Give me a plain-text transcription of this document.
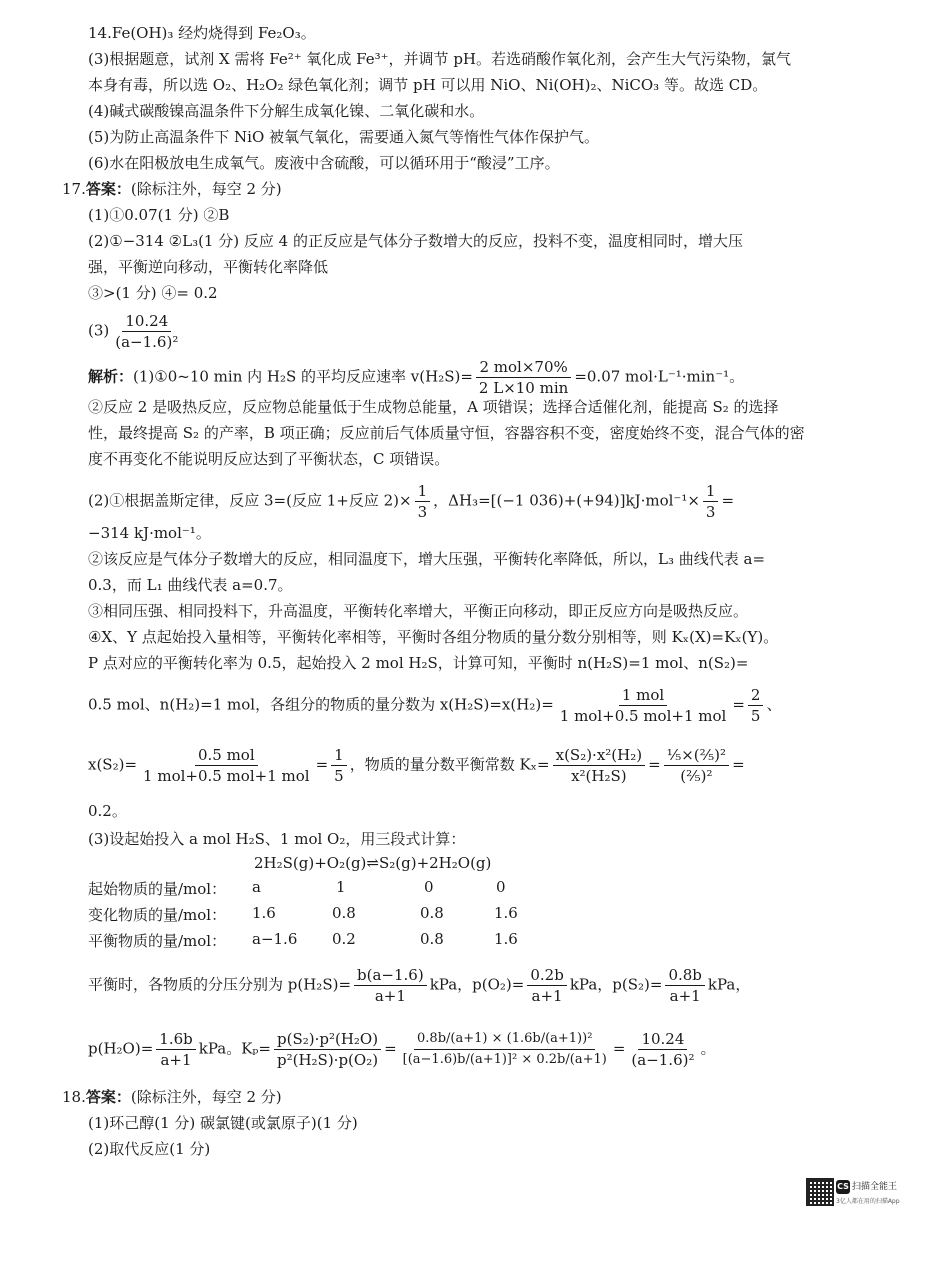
14.Fe(OH)₃ 经灼烧得到 Fe₂O₃。
(3)根据题意，试剂 X 需将 Fe²⁺ 氧化成 Fe³⁺，并调节 pH。若选硝酸作氧化剂，会产生大气污染物，氯气
本身有毒，所以选 O₂、H₂O₂ 绿色氧化剂；调节 pH 可以用 NiO、Ni(OH)₂、NiCO₃ 等。故选 CD。
(4)碱式碳酸镍高温条件下分解生成氧化镍、二氧化碳和水。
(5)为防止高温条件下 NiO 被氧气氧化，需要通入氮气等惰性气体作保护气。
(6)水在阳极放电生成氧气。废液中含硫酸，可以循环用于“酸浸”工序。
17.答案：(除标注外，每空 2 分)
(1)①0.07(1 分) ②B
(2)①−314 ②L₃(1 分) 反应 4 的正反应是气体分子数增大的反应，投料不变，温度相同时，增大压
强，平衡逆向移动，平衡转化率降低
③>(1 分) ④= 0.2
$(3) \frac{10.24}{\text{(a−1.6)²}}$
解析：(1)①0~10 min 内 H₂S 的平均反应速率 $v(H_2S)= \frac{\text{2 mol×70\%}}{2 L\times 10 \min} =0.07$ mol·L⁻¹·min⁻¹。
②反应 2 是吸热反应，反应物总能量低于生成物总能量，A 项错误；选择合适催化剂，能提高 S₂ 的选择
性，最终提高 S₂ 的产率，B 项正确；反应前后气体质量守恒，容器容积不变，密度始终不变，混合气体的密
度不再变化不能说明反应达到了平衡状态，C 项错误。
(2)①根据盖斯定律，反应 3=(反应 1+反应 $2)\times \frac{1}{3}$ ，ΔH₃=[(−1 $036)+(+94)]kJ\cdot mol^{-1}\times \frac{1}{3}$ =
−314 kJ·mol⁻¹。
②该反应是气体分子数增大的反应，相同温度下，增大压强，平衡转化率降低，所以，L₃ 曲线代表 a=
0.3，而 L₁ 曲线代表 a=0.7。
③相同压强、相同投料下，升高温度，平衡转化率增大，平衡正向移动，即正反应方向是吸热反应。
④X、Y 点起始投入量相等，平衡转化率相等，平衡时各组分物质的量分数分别相等，则 Kₓ(X)=Kₓ(Y)。
P 点对应的平衡转化率为 0.5，起始投入 2 mol H₂S，计算可知，平衡时 n(H₂S)=1 mol、n(S₂)=
0.5 mol、n(H₂)=1 mol，各组分的物质的量分数为 $x(H_2S)=x(H_2)= \frac{\text{1 mol}}{\text{1 mol+0.5 mol+1 mol}} = \frac{2}{5}$ 、
$x(S_2)= \frac{\text{0.5 mol}}{\text{1 mol+0.5 mol+1 mol}} = \frac{1}{5}$ ，物质的量分数平衡常数 $K_x= \frac{\text{x(S₂)·x²(H₂)}}{\text{x²(H₂S)}} = \frac{\text{⅕×(⅖)²}}{\text{(⅖)²}}$ =
0.2。
(3)设起始投入 a mol H₂S、1 mol O₂，用三段式计算：
2H₂S(g)+O₂(g)⇌S₂(g)+2H₂O(g)
起始物质的量/mol： a	1	0	0
变化物质的量/mol： 1.6	0.8	0.8	1.6
平衡物质的量/mol： a−1.6 0.2	0.8	1.6
平衡时，各物质的分压分别为 $p(H_2S)= \frac{b(a-1.6)}{a+1}$ kPa，$p(O_2)= \frac{0.2b}{a+1}$ kPa，$p(S_2)= \frac{0.8b}{a+1}$ kPa，
$p(H_2O)= \frac{1.6b}{a+1}$ kPa。$K_p= \frac{\text{p(S₂)·p²(H₂O)}}{\text{p²(H₂S)·p(O₂)}} = \frac{\text{0.8b/(a+1) × (1.6b/(a+1))²}}{\text{[(a−1.6)b/(a+1)]² × 0.2b/(a+1)}} = \frac{10.24}{\text{(a−1.6)²}}$ 。
18.答案：(除标注外，每空 2 分)
(1)环己醇(1 分) 碳氯键(或氯原子)(1 分)
(2)取代反应(1 分)
CS 扫描全能王
3亿人都在用的扫描App
